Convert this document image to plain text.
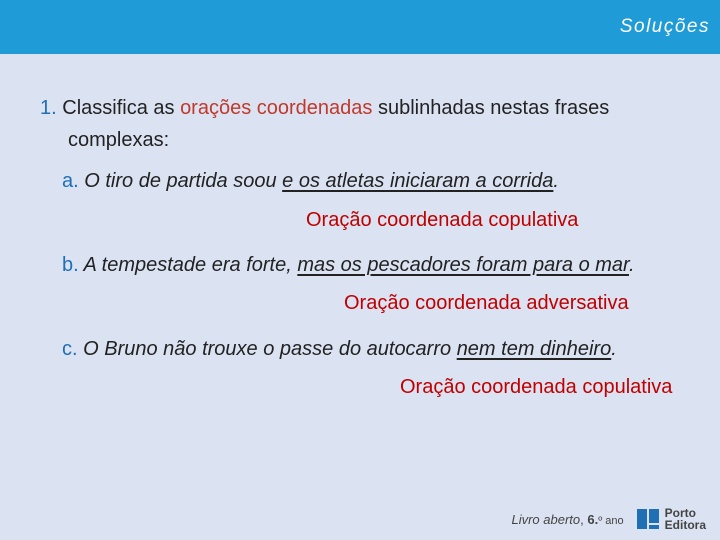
Soluções
1. Classifica as orações coordenadas sublinhadas nestas frases
complexas:
a. O tiro de partida soou e os atletas iniciaram a corrida.
Oração coordenada copulativa
b. A tempestade era forte, mas os pescadores foram para o mar.
Oração coordenada adversativa
c. O Bruno não trouxe o passe do autocarro nem tem dinheiro.
Oração coordenada copulativa
Livro aberto, 6.º ano
Porto
Editora
